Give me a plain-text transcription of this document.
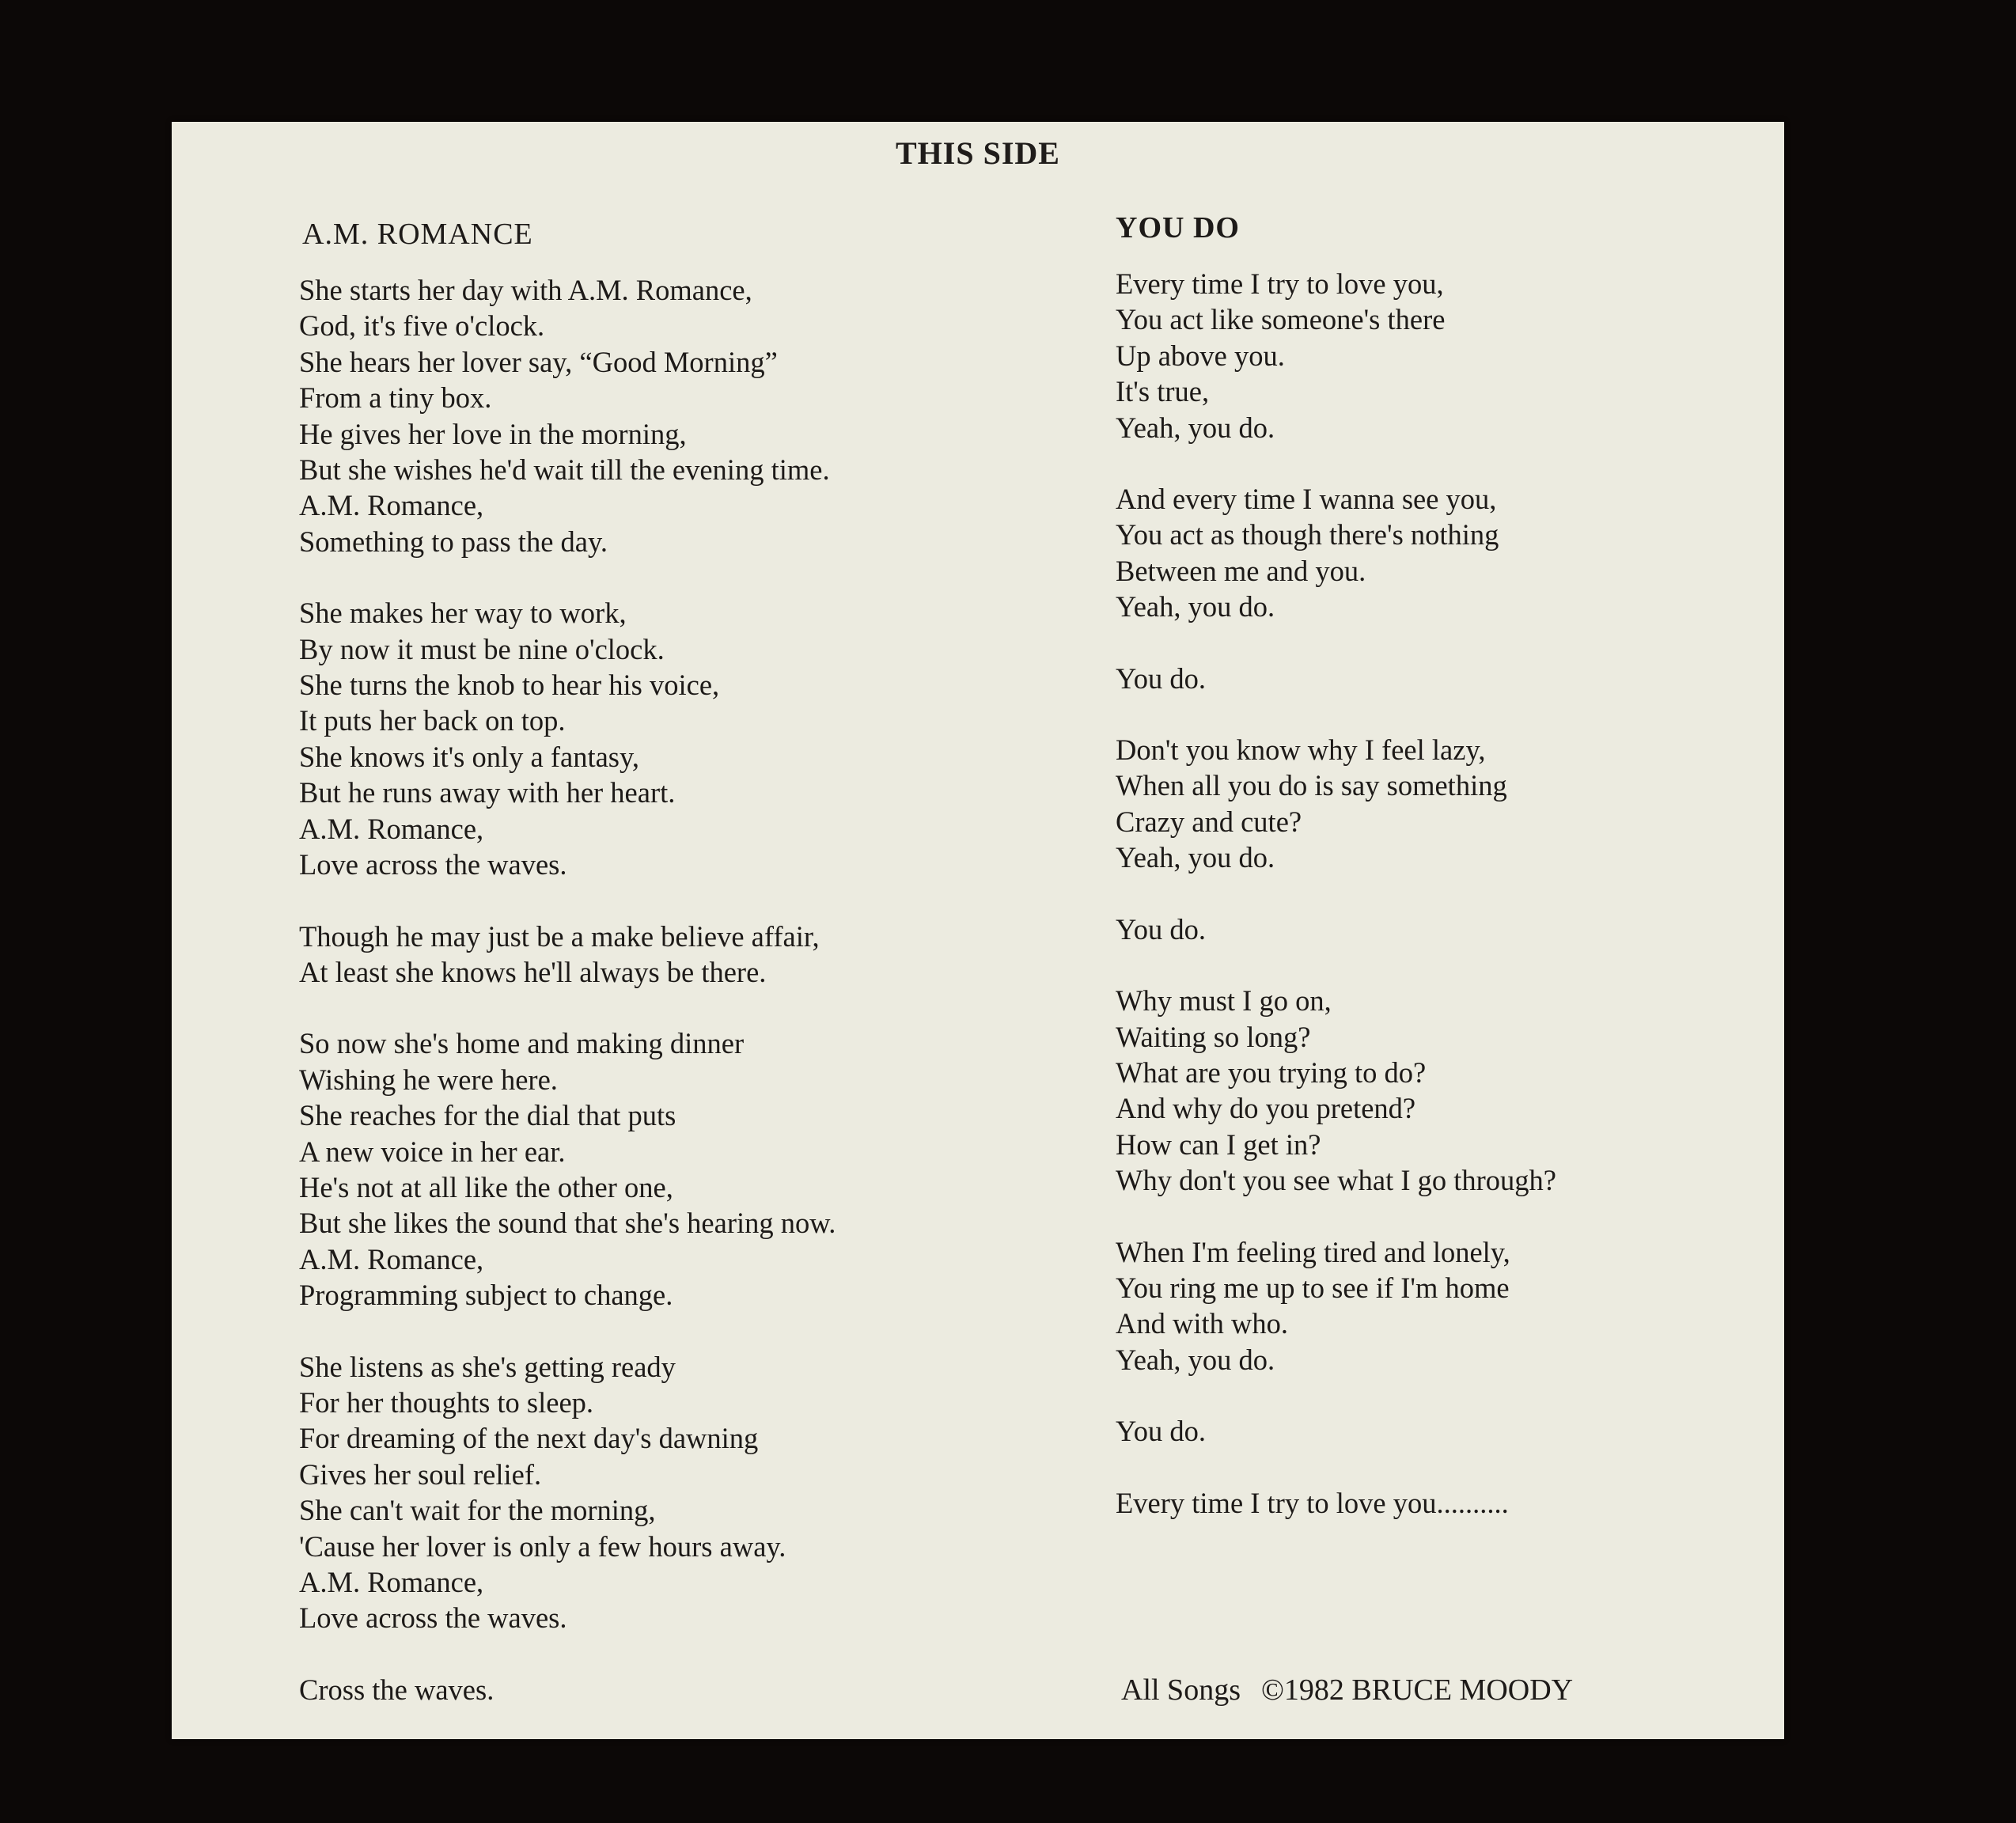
THIS SIDE
A.M. ROMANCE
She starts her day with A.M. Romance,
God, it's five o'clock.
She hears her lover say, “Good Morning”
From a tiny box.
He gives her love in the morning,
But she wishes he'd wait till the evening time.
A.M. Romance,
Something to pass the day.
She makes her way to work,
By now it must be nine o'clock.
She turns the knob to hear his voice,
It puts her back on top.
She knows it's only a fantasy,
But he runs away with her heart.
A.M. Romance,
Love across the waves.
Though he may just be a make believe affair,
At least she knows he'll always be there.
So now she's home and making dinner
Wishing he were here.
She reaches for the dial that puts
A new voice in her ear.
He's not at all like the other one,
But she likes the sound that she's hearing now.
A.M. Romance,
Programming subject to change.
She listens as she's getting ready
For her thoughts to sleep.
For dreaming of the next day's dawning
Gives her soul relief.
She can't wait for the morning,
'Cause her lover is only a few hours away.
A.M. Romance,
Love across the waves.
Cross the waves.
YOU DO
Every time I try to love you,
You act like someone's there
Up above you.
It's true,
Yeah, you do.
And every time I wanna see you,
You act as though there's nothing
Between me and you.
Yeah, you do.
You do.
Don't you know why I feel lazy,
When all you do is say something
Crazy and cute?
Yeah, you do.
You do.
Why must I go on,
Waiting so long?
What are you trying to do?
And why do you pretend?
How can I get in?
Why don't you see what I go through?
When I'm feeling tired and lonely,
You ring me up to see if I'm home
And with who.
Yeah, you do.
You do.
Every time I try to love you..........
All Songs ©1982 BRUCE MOODY
